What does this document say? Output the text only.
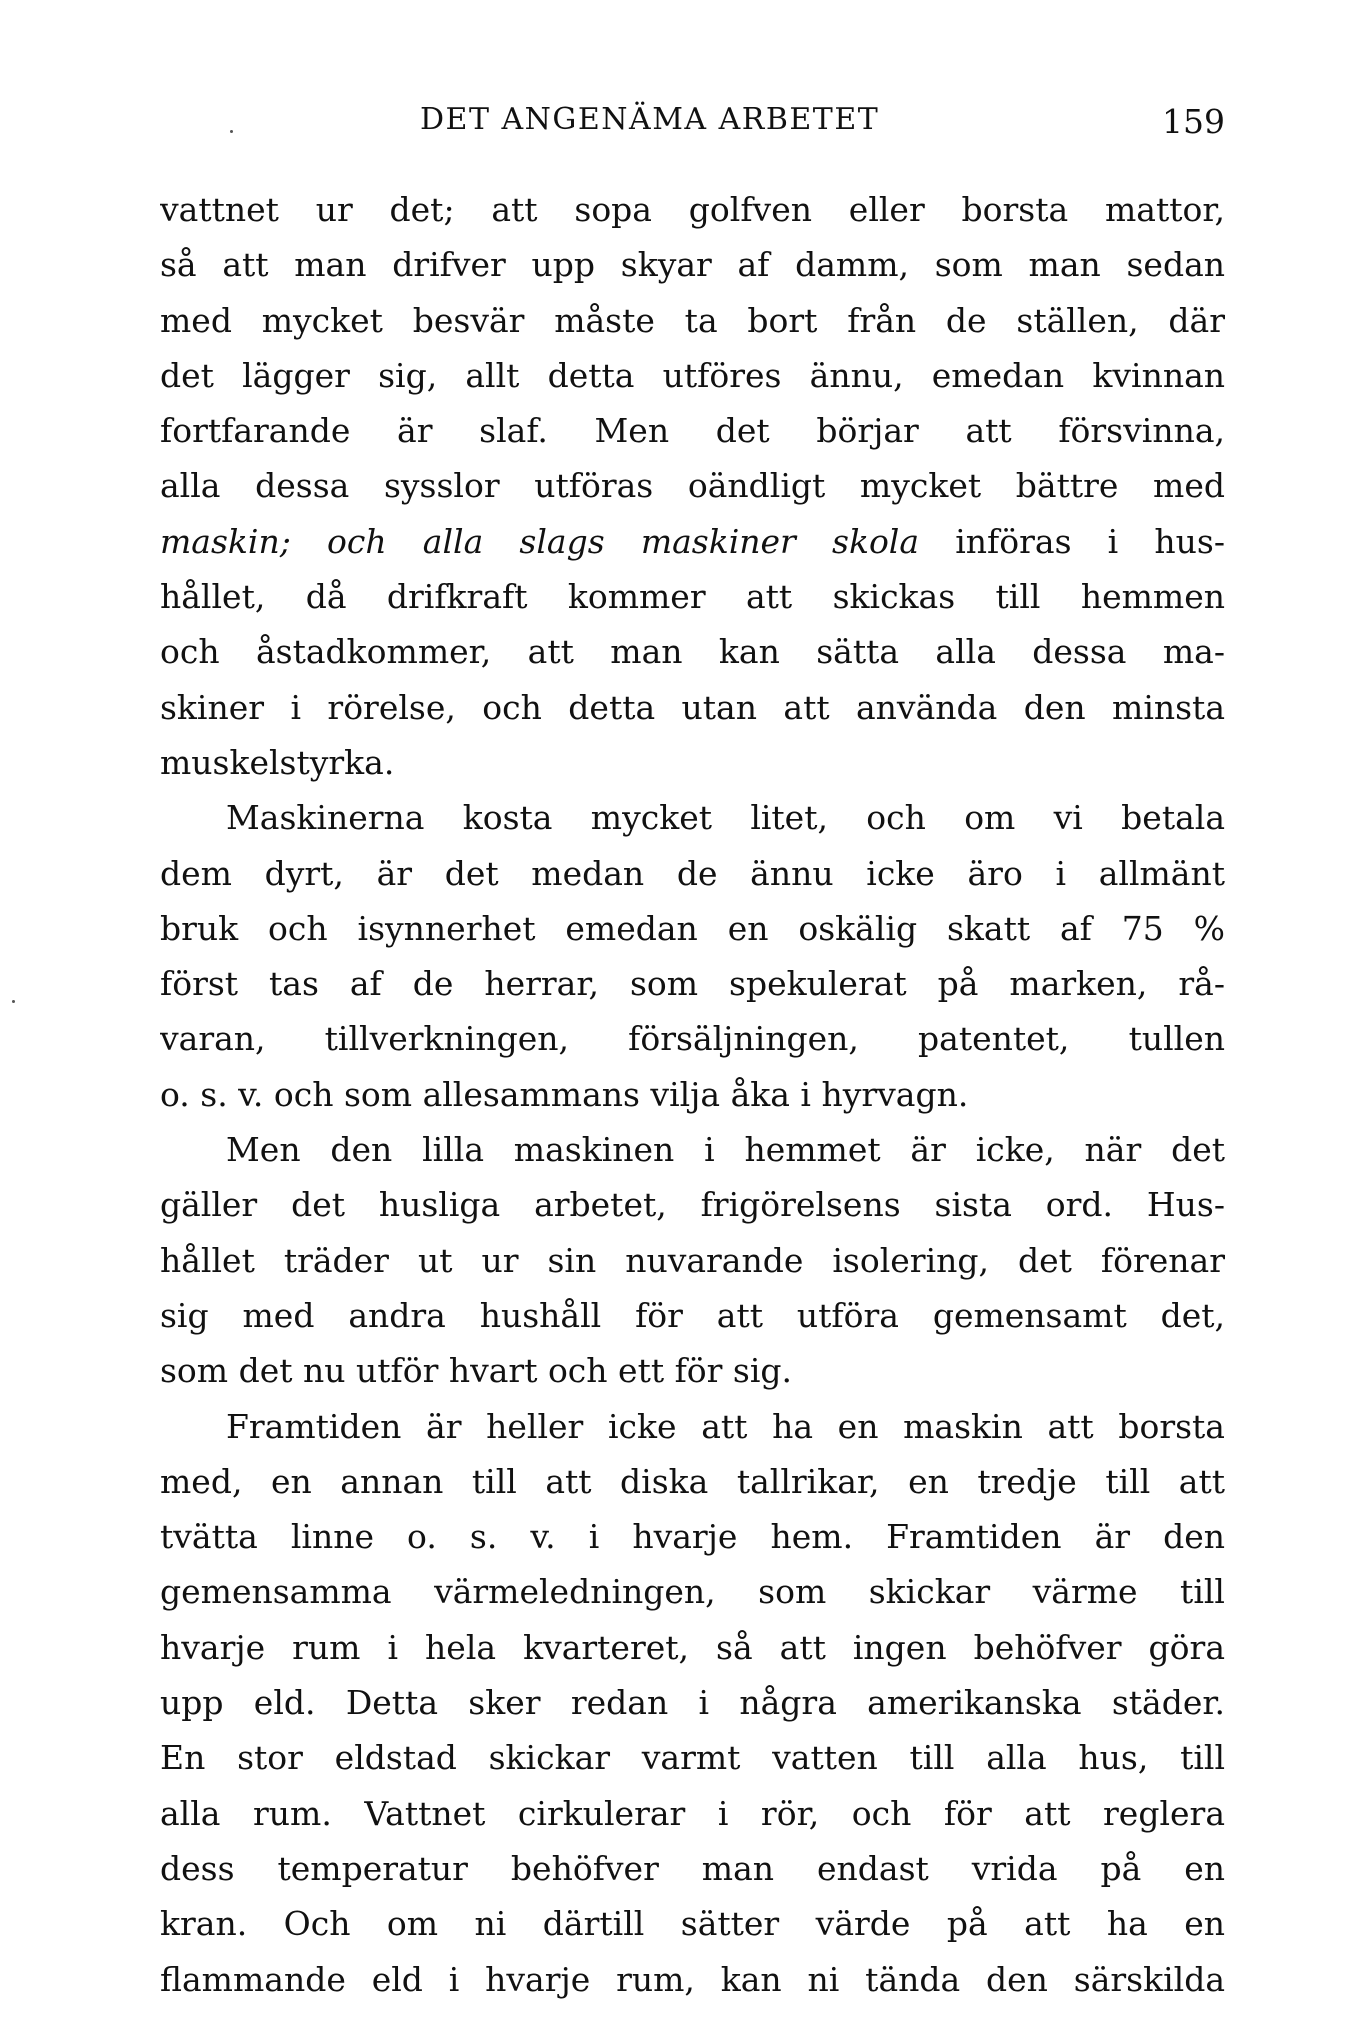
DET ANGENÄMA ARBETET	159
vattnet ur det; att sopa golfven eller borsta mattor,
så att man drifver upp skyar af damm, som man sedan
med mycket besvär måste ta bort från de ställen, där
det lägger sig, allt detta utföres ännu, emedan kvinnan
fortfarande är slaf. Men det börjar att försvinna,
alla dessa sysslor utföras oändligt mycket bättre med
maskin; och alla slags maskiner skola införas i hus-
hållet, då drifkraft kommer att skickas till hemmen
och åstadkommer, att man kan sätta alla dessa ma-
skiner i rörelse, och detta utan att använda den minsta
muskelstyrka.
Maskinerna kosta mycket litet, och om vi betala
dem dyrt, är det medan de ännu icke äro i allmänt
bruk och isynnerhet emedan en oskälig skatt af 75 %
först tas af de herrar, som spekulerat på marken, rå-
varan, tillverkningen, försäljningen, patentet, tullen
o. s. v. och som allesammans vilja åka i hyrvagn.
Men den lilla maskinen i hemmet är icke, när det
gäller det husliga arbetet, frigörelsens sista ord. Hus-
hållet träder ut ur sin nuvarande isolering, det förenar
sig med andra hushåll för att utföra gemensamt det,
som det nu utför hvart och ett för sig.
Framtiden är heller icke att ha en maskin att borsta
med, en annan till att diska tallrikar, en tredje till att
tvätta linne o. s. v. i hvarje hem. Framtiden är den
gemensamma värmeledningen, som skickar värme till
hvarje rum i hela kvarteret, så att ingen behöfver göra
upp eld. Detta sker redan i några amerikanska städer.
En stor eldstad skickar varmt vatten till alla hus, till
alla rum. Vattnet cirkulerar i rör, och för att reglera
dess temperatur behöfver man endast vrida på en
kran. Och om ni därtill sätter värde på att ha en
flammande eld i hvarje rum, kan ni tända den särskilda
